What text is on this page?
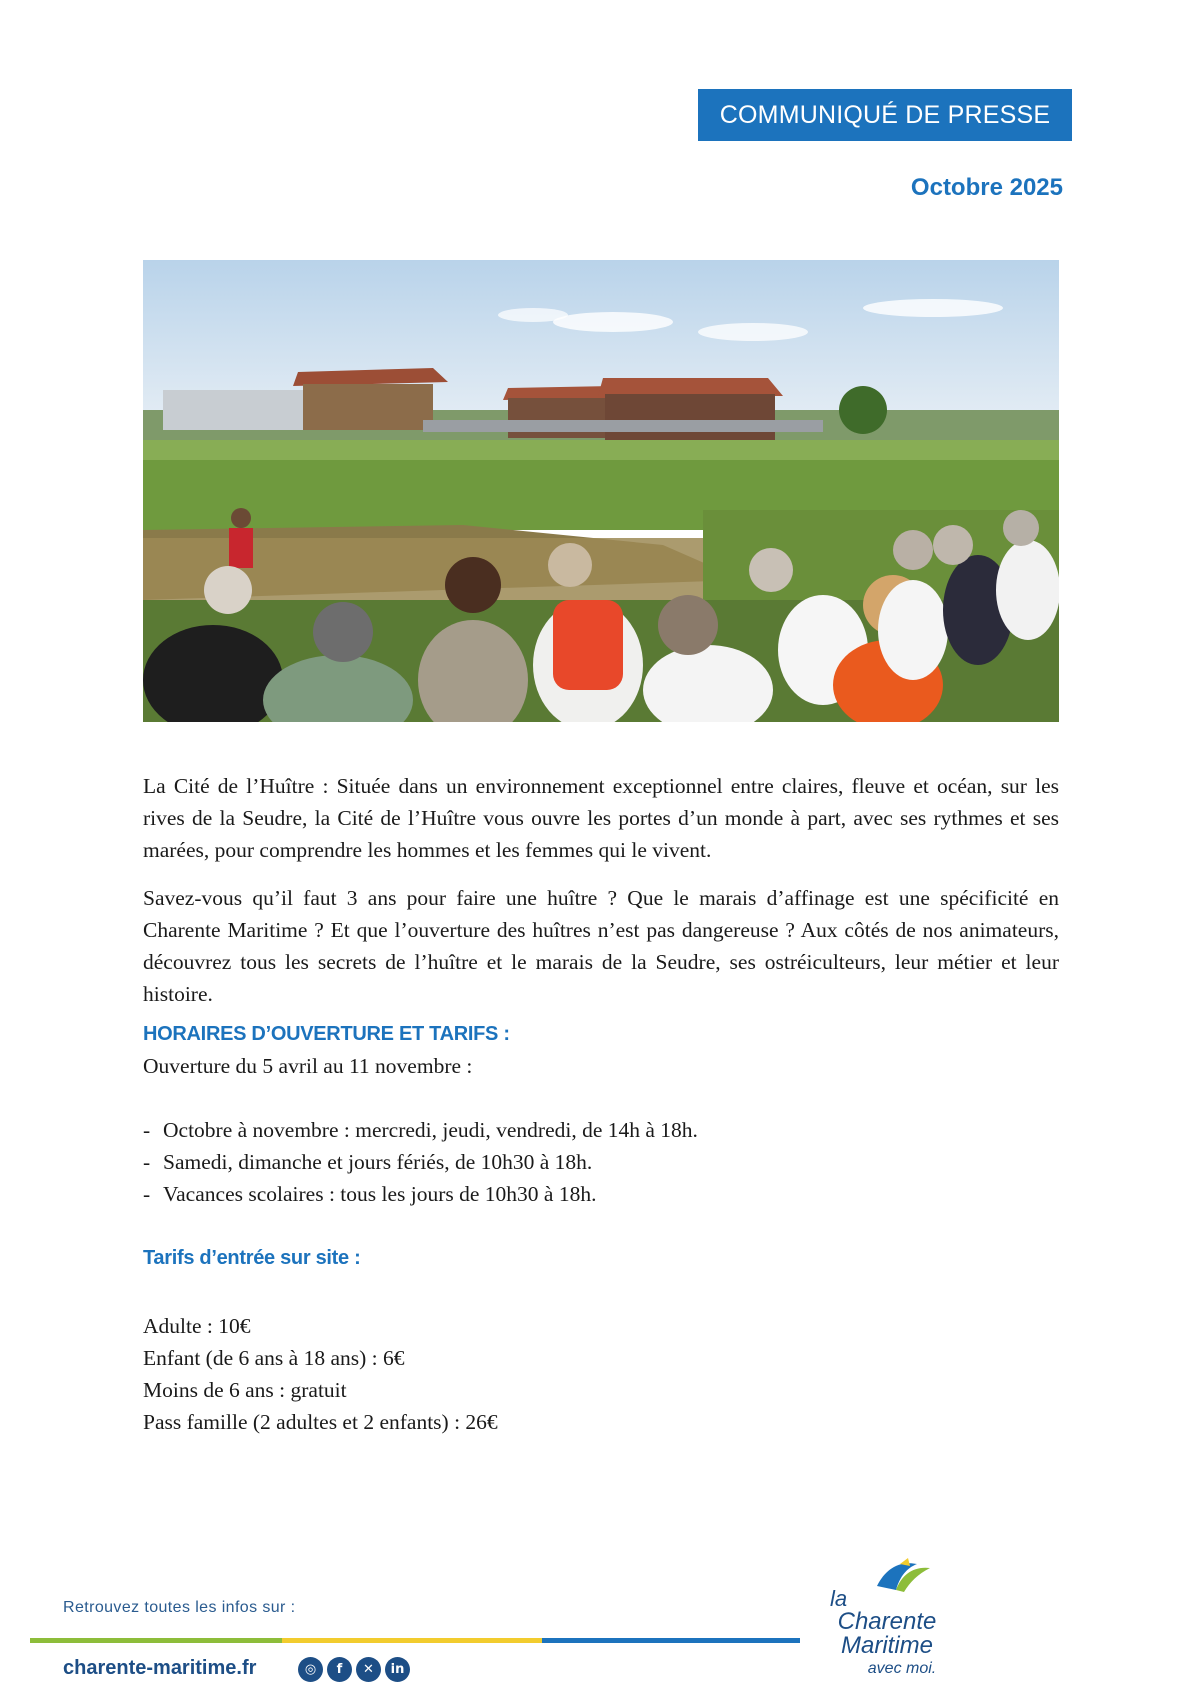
COMMUNIQUÉ DE PRESSE
Octobre 2025

La Cité de l’Huître : Située dans un environnement exceptionnel entre claires, fleuve et océan, sur les rives de la Seudre, la Cité de l’Huître vous ouvre les portes d’un monde à part, avec ses rythmes et ses marées, pour comprendre les hommes et les femmes qui le vivent.

Savez-vous qu’il faut 3 ans pour faire une huître ? Que le marais d’affinage est une spécificité en Charente Maritime ? Et que l’ouverture des huîtres n’est pas dangereuse ? Aux côtés de nos animateurs, découvrez tous les secrets de l’huître et le marais de la Seudre, ses ostréiculteurs, leur métier et leur histoire.

HORAIRES D’OUVERTURE ET TARIFS :
Ouverture du 5 avril au 11 novembre :
- Octobre à novembre : mercredi, jeudi, vendredi, de 14h à 18h.
- Samedi, dimanche et jours fériés, de 10h30 à 18h.
- Vacances scolaires : tous les jours de 10h30 à 18h.
Tarifs d’entrée sur site :
Adulte : 10€
Enfant (de 6 ans à 18 ans) : 6€
Moins de 6 ans : gratuit
Pass famille (2 adultes et 2 enfants) : 26€
Retrouvez toutes les infos sur :
charente-maritime.fr	◎	f	✕	in
la
Charente
Maritime
avec moi.
